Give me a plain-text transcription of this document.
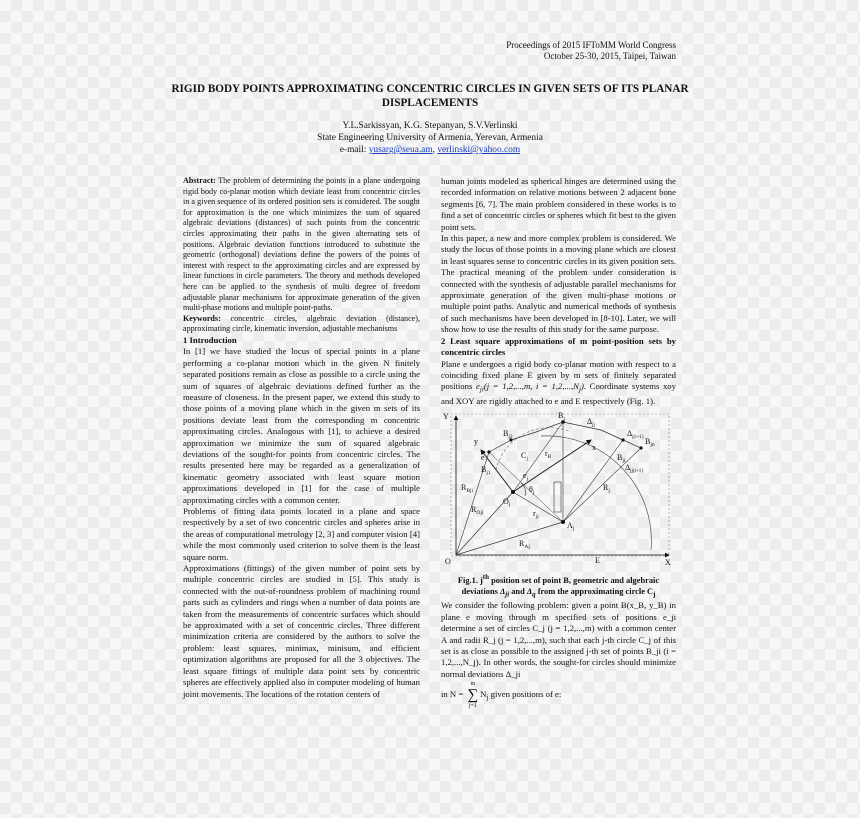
Proceedings of 2015 IFToMM World Congress
October 25-30, 2015, Taipei, Taiwan
RIGID BODY POINTS APPROXIMATING CONCENTRIC CIRCLES IN GIVEN SETS OF ITS PLANAR DISPLACEMENTS
Y.L.Sarkissyan, K.G. Stepanyan, S.V.Verlinski
State Engineering University of Armenia, Yerevan, Armenia
e-mail: yusarg@seua.am, verlinski@yahoo.com

Abstract: The problem of determining the points in a plane undergoing rigid body co-planar motion which deviate least from concentric circles in a given sequence of its ordered position sets is considered. The sought for approximation is the one which minimizes the sum of squared algebraic deviations (distances) of such points from the concentric circles approximating their paths in the given alternating sets of positions. Algebraic deviation functions introduced to substitute the geometric (orthogonal) deviations define the powers of the points of interest with respect to the approximating circles and are expressed by linear functions in circle parameters. The theory and methods developed here can be applied to the synthesis of multi degree of freedom adjustable planar mechanisms for approximate generation of the given multi-phase motions and multiple point-paths.

Keywords: concentric circles, algebraic deviation (distance), approximating circle, kinematic inversion, adjustable mechanisms

1 Introduction

In [1] we have studied the locus of special points in a plane performing a co-planar motion which in the given N finitely separated positions remain as close as possible to a circle using the sum of squares of algebraic deviations defined further as the measure of closeness. In the present paper, we extend this study to those points of a moving plane which in the given m sets of its positions deviate least from the corresponding m concentric approximating circles. Analogous with [1], to achieve a desired approximation we minimize the sum of squared algebraic deviations of the sought-for points from concentric circles. The results presented here may be regarded as a generalization of kinematic geometry associated with least square motion approximations developed in [1] for the case of multiple approximating circles with a common center.

Problems of fitting data points located in a plane and space respectively by a set of two concentric circles and spheres arise in the areas of computational metrology [2, 3] and computer vision [4] while the most commonly used criterion to solve them is the least square norm.

Approximations (fittings) of the given number of point sets by multiple concentric circles are studied in [5]. This study is connected with the out-of-roundness problem of machining round parts such as cylinders and rings when a number of data points are taken from the measurements of concentric surfaces which should be approximated with a set of concentric circles. Three different minimization criteria are considered by the authors to solve the problem: least squares, minimax, minisum, and efficient optimization algorithms are proposed for all the 3 objectives. The least square fittings of multiple data point sets by concentric spheres are effectively applied also in computer modeling of human joint movements. The locations of the rotation centers of

human joints modeled as spherical hinges are determined using the recorded information on relative motions between 2 adjacent bone segments [6, 7]. The main problem considered in these works is to find a set of concentric circles or spheres which fit best to the given point sets.

In this paper, a new and more complex problem is considered. We study the locus of those points in a moving plane which are closest in least squares sense to concentric circles in its given position sets. The practical meaning of the problem under consideration is connected with the synthesis of adjustable parallel mechanisms for approximate generation of the given multi-phase motions or multiple point paths. Analytic and numerical methods of synthesis of such mechanisms have been developed in [8-10]. Later, we will show how to use the results of this study for the same purpose.

2 Least square approximations of m point-position sets by concentric circles

Plane e undergoes a rigid body co-planar motion with respect to a coinciding fixed plane E given by m sets of finitely separated positions $e_{ji}(j = 1,2,...,m$, $i = 1,2,...,N_j$). Coordinate systems xoy and XOY are rigidly attached to e and E respectively (Fig. 1).

Y
X
O	E
e
y
x
$B_j$
$B_{j2}$
$B_{j1}$
$B_{ji}$
$B_{jn}$
$A_j$
$O_j$
$C_j$
$R_j$
$r_B$
$e_j$
$\theta_j$
$r_{ji}$
$R_{Oji}$
$R_{Bji}$
$R_{Aj}$
$\Delta_{jj}$
$\Delta_{j(i+1)}$
$\Delta_{jj(i+1)}$

Fig.1. $j^{th}$ position set of point B, geometric and algebraic deviations $\Delta_{ji}$ and $\Delta_q$ from the approximating circle $C_j$

We consider the following problem: given a point B(x_B, y_B) in plane e moving through m specified sets of positions e_ji determine a set of circles C_j (j = 1,2,...,m) with a common center A and radii R_j (j = 1,2,...,m), such that each j-th circle C_j of this set is as close as possible to the assigned j-th set of points B_ji (i = 1,2,...,N_j). In other words, the sought-for circles should minimize normal deviations Δ_ji

in N =
m
∑
j=1
$N_j$ given positions of e:
